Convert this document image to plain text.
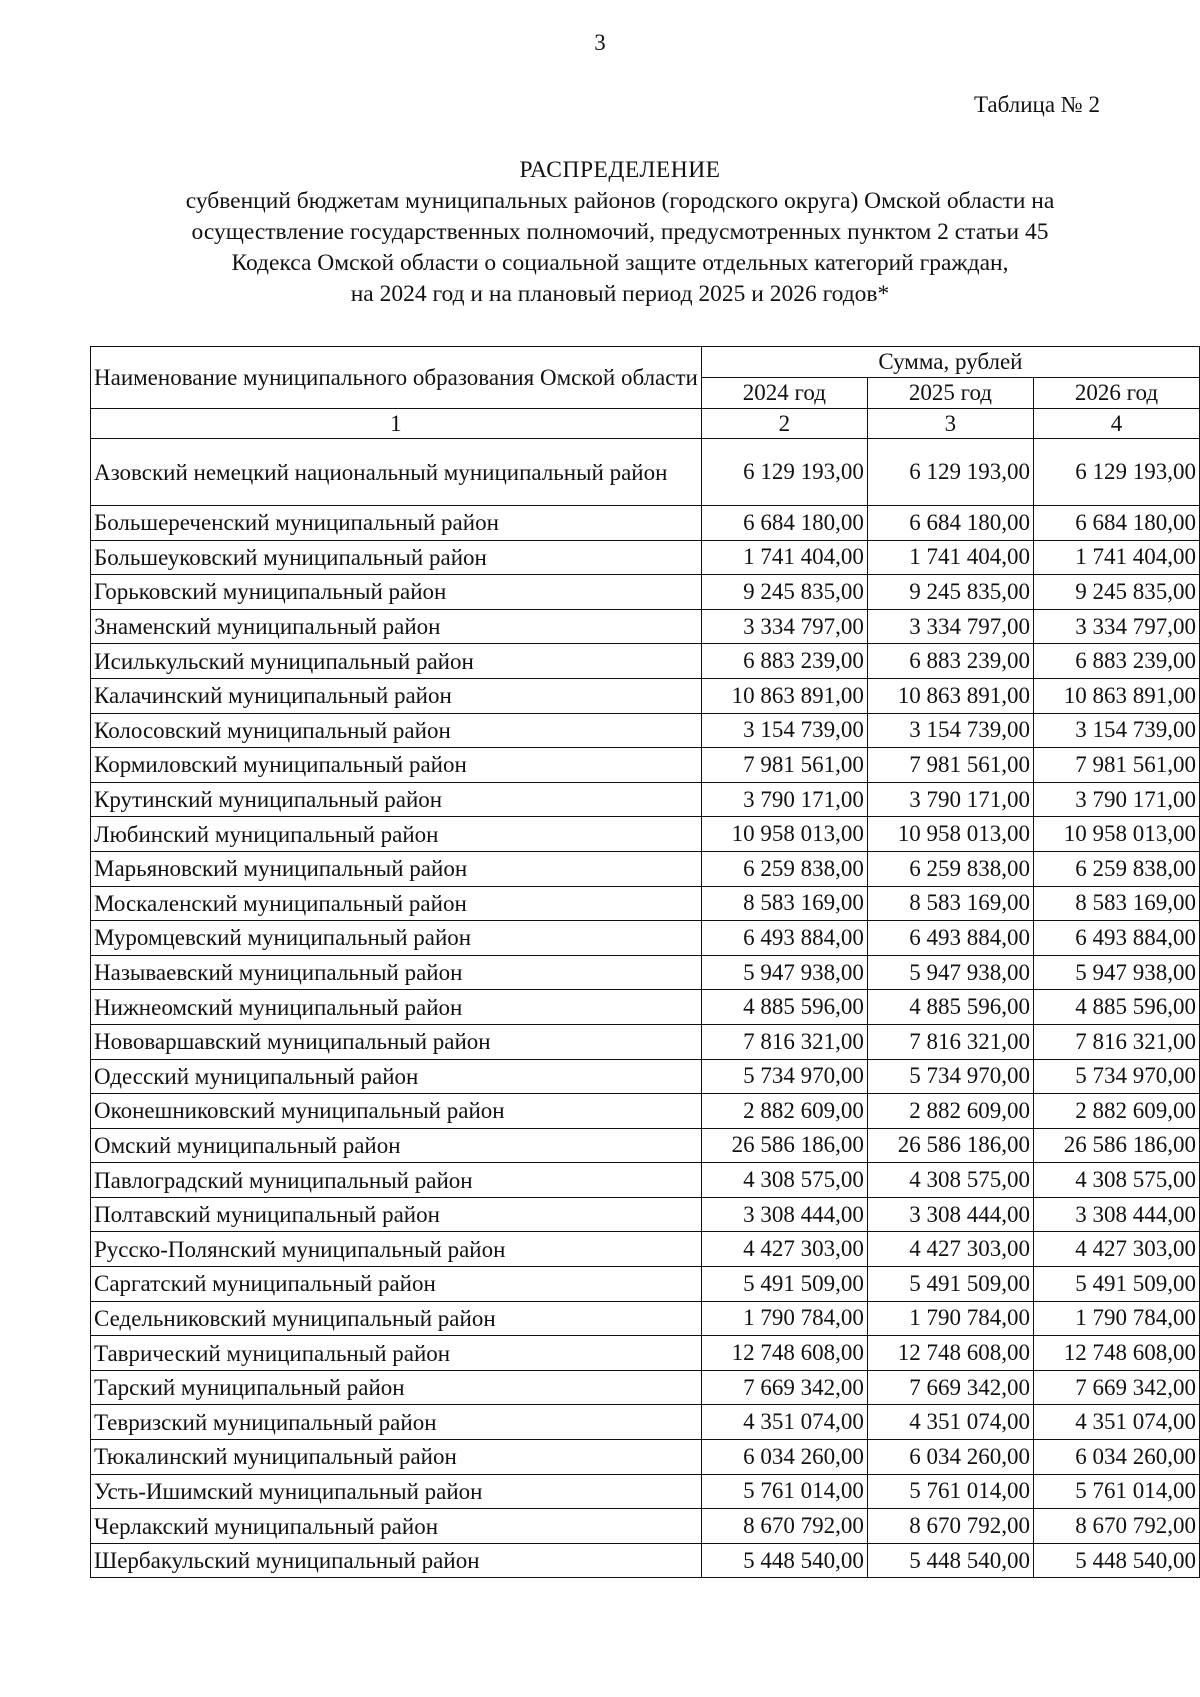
3
Таблица № 2
РАСПРЕДЕЛЕНИЕ
субвенций бюджетам муниципальных районов (городского округа) Омской области на
осуществление государственных полномочий, предусмотренных пунктом 2 статьи 45
Кодекса Омской области о социальной защите отдельных категорий граждан,
на 2024 год и на плановый период 2025 и 2026 годов*
Наименование муниципального образования Омской области	Сумма, рублей		
	2024 год	2025 год	2026 год
1	2	3	4
Азовский немецкий национальный муниципальный район	6 129 193,00	6 129 193,00	6 129 193,00
Большереченский муниципальный район	6 684 180,00	6 684 180,00	6 684 180,00
Большеуковский муниципальный район	1 741 404,00	1 741 404,00	1 741 404,00
Горьковский муниципальный район	9 245 835,00	9 245 835,00	9 245 835,00
Знаменский муниципальный район	3 334 797,00	3 334 797,00	3 334 797,00
Исилькульский муниципальный район	6 883 239,00	6 883 239,00	6 883 239,00
Калачинский муниципальный район	10 863 891,00	10 863 891,00	10 863 891,00
Колосовский муниципальный район	3 154 739,00	3 154 739,00	3 154 739,00
Кормиловский муниципальный район	7 981 561,00	7 981 561,00	7 981 561,00
Крутинский муниципальный район	3 790 171,00	3 790 171,00	3 790 171,00
Любинский муниципальный район	10 958 013,00	10 958 013,00	10 958 013,00
Марьяновский муниципальный район	6 259 838,00	6 259 838,00	6 259 838,00
Москаленский муниципальный район	8 583 169,00	8 583 169,00	8 583 169,00
Муромцевский муниципальный район	6 493 884,00	6 493 884,00	6 493 884,00
Называевский муниципальный район	5 947 938,00	5 947 938,00	5 947 938,00
Нижнеомский муниципальный район	4 885 596,00	4 885 596,00	4 885 596,00
Нововаршавский муниципальный район	7 816 321,00	7 816 321,00	7 816 321,00
Одесский муниципальный район	5 734 970,00	5 734 970,00	5 734 970,00
Оконешниковский муниципальный район	2 882 609,00	2 882 609,00	2 882 609,00
Омский муниципальный район	26 586 186,00	26 586 186,00	26 586 186,00
Павлоградский муниципальный район	4 308 575,00	4 308 575,00	4 308 575,00
Полтавский муниципальный район	3 308 444,00	3 308 444,00	3 308 444,00
Русско-Полянский муниципальный район	4 427 303,00	4 427 303,00	4 427 303,00
Саргатский муниципальный район	5 491 509,00	5 491 509,00	5 491 509,00
Седельниковский муниципальный район	1 790 784,00	1 790 784,00	1 790 784,00
Таврический муниципальный район	12 748 608,00	12 748 608,00	12 748 608,00
Тарский муниципальный район	7 669 342,00	7 669 342,00	7 669 342,00
Тевризский муниципальный район	4 351 074,00	4 351 074,00	4 351 074,00
Тюкалинский муниципальный район	6 034 260,00	6 034 260,00	6 034 260,00
Усть-Ишимский муниципальный район	5 761 014,00	5 761 014,00	5 761 014,00
Черлакский муниципальный район	8 670 792,00	8 670 792,00	8 670 792,00
Шербакульский муниципальный район	5 448 540,00	5 448 540,00	5 448 540,00
